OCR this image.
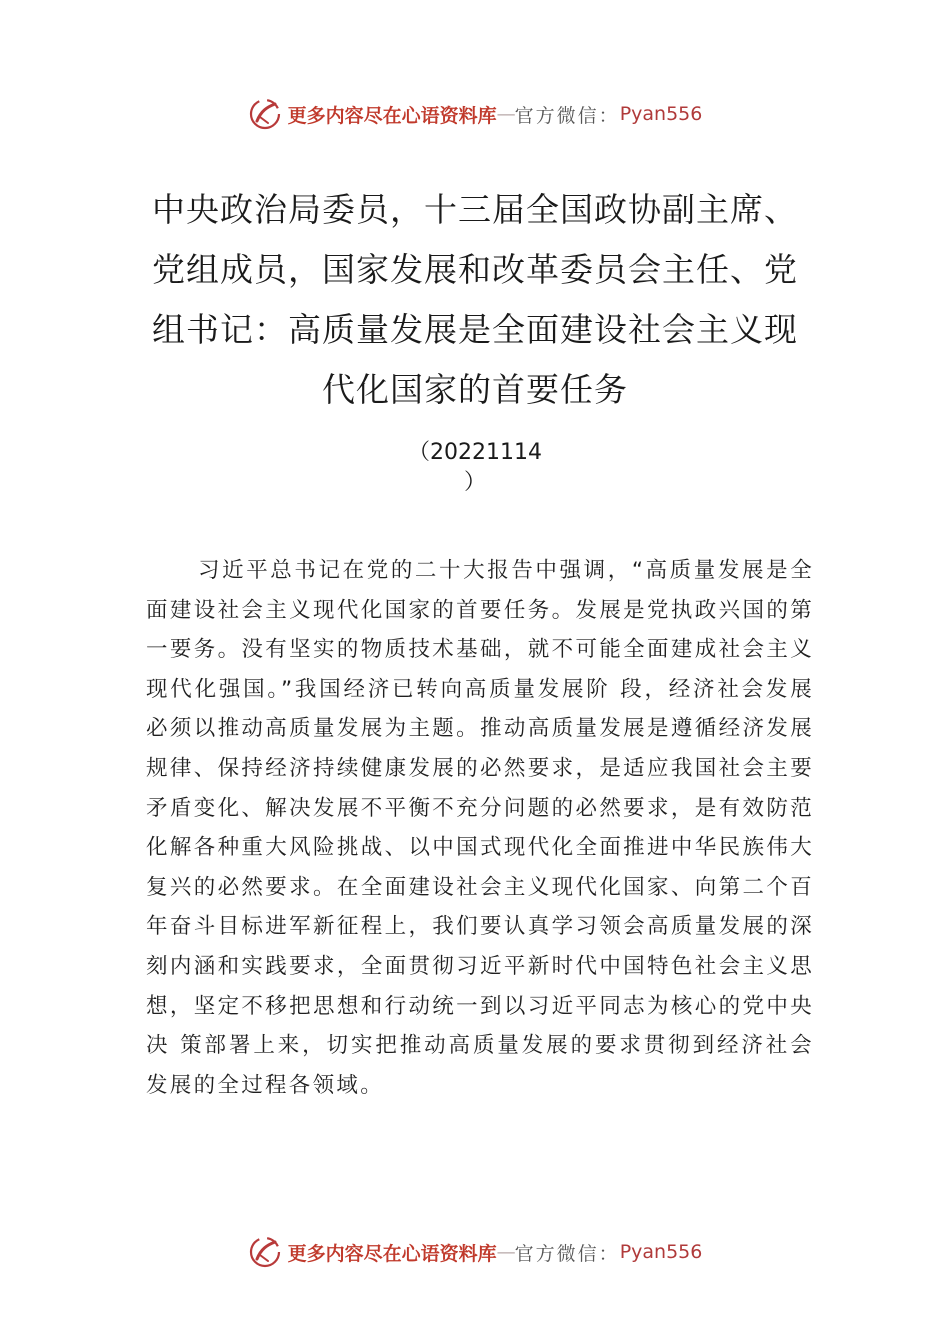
更多内容尽在心语资料库 — 官方微信： Pyan556
中央政治局委员，十三届全国政协副主席、党组成员，国家发展和改革委员会主任、党组书记：高质量发展是全面建设社会主义现代化国家的首要任务
（20221114
）

习近平总书记在党的二十大报告中强调，“高质量发展是全面建设社会主义现代化国家的首要任务。发展是党执政兴国的第一要务。没有坚实的物质技术基础，就不可能全面建成社会主义现代化强国。”我国经济已转向高质量发展阶 段，经济社会发展必须以推动高质量发展为主题。推动高质量发展是遵循经济发展规律、保持经济持续健康发展的必然要求，是适应我国社会主要矛盾变化、解决发展不平衡不充分问题的必然要求，是有效防范化解各种重大风险挑战、以中国式现代化全面推进中华民族伟大复兴的必然要求。在全面建设社会主义现代化国家、向第二个百年奋斗目标进军新征程上，我们要认真学习领会高质量发展的深刻内涵和实践要求，全面贯彻习近平新时代中国特色社会主义思想，坚定不移把思想和行动统一到以习近平同志为核心的党中央决 策部署上来，切实把推动高质量发展的要求贯彻到经济社会发展的全过程各领域。

更多内容尽在心语资料库 — 官方微信： Pyan556
